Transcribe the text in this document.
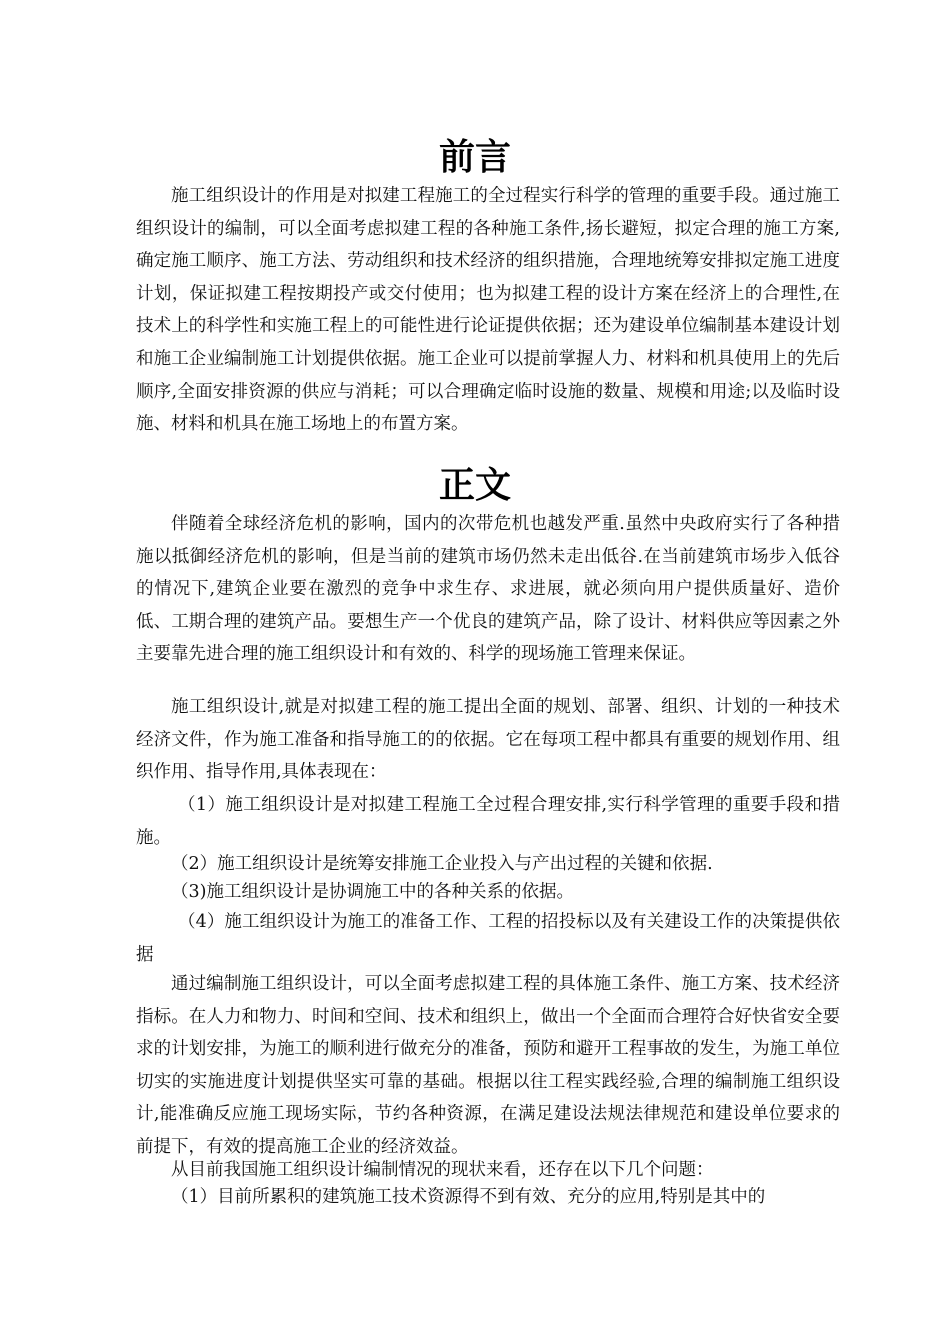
前言

施工组织设计的作用是对拟建工程施工的全过程实行科学的管理的重要手段。通过施工组织设计的编制，可以全面考虑拟建工程的各种施工条件,扬长避短，拟定合理的施工方案,确定施工顺序、施工方法、劳动组织和技术经济的组织措施，合理地统筹安排拟定施工进度计划，保证拟建工程按期投产或交付使用；也为拟建工程的设计方案在经济上的合理性,在技术上的科学性和实施工程上的可能性进行论证提供依据；还为建设单位编制基本建设计划和施工企业编制施工计划提供依据。施工企业可以提前掌握人力、材料和机具使用上的先后顺序,全面安排资源的供应与消耗；可以合理确定临时设施的数量、规模和用途;以及临时设施、材料和机具在施工场地上的布置方案。

正文

伴随着全球经济危机的影响，国内的次带危机也越发严重.虽然中央政府实行了各种措施以抵御经济危机的影响，但是当前的建筑市场仍然未走出低谷.在当前建筑市场步入低谷的情况下,建筑企业要在激烈的竞争中求生存、求进展，就必须向用户提供质量好、造价低、工期合理的建筑产品。要想生产一个优良的建筑产品，除了设计、材料供应等因素之外主要靠先进合理的施工组织设计和有效的、科学的现场施工管理来保证。

施工组织设计,就是对拟建工程的施工提出全面的规划、部署、组织、计划的一种技术经济文件，作为施工准备和指导施工的的依据。它在每项工程中都具有重要的规划作用、组织作用、指导作用,具体表现在：

（1）施工组织设计是对拟建工程施工全过程合理安排,实行科学管理的重要手段和措施。

（2）施工组织设计是统筹安排施工企业投入与产出过程的关键和依据.

（3)施工组织设计是协调施工中的各种关系的依据。

（4）施工组织设计为施工的准备工作、工程的招投标以及有关建设工作的决策提供依据

通过编制施工组织设计，可以全面考虑拟建工程的具体施工条件、施工方案、技术经济指标。在人力和物力、时间和空间、技术和组织上，做出一个全面而合理符合好快省安全要求的计划安排，为施工的顺利进行做充分的准备，预防和避开工程事故的发生，为施工单位切实的实施进度计划提供坚实可靠的基础。根据以往工程实践经验,合理的编制施工组织设计,能准确反应施工现场实际，节约各种资源，在满足建设法规法律规范和建设单位要求的前提下，有效的提高施工企业的经济效益。

从目前我国施工组织设计编制情况的现状来看，还存在以下几个问题：

（1）目前所累积的建筑施工技术资源得不到有效、充分的应用,特别是其中的
